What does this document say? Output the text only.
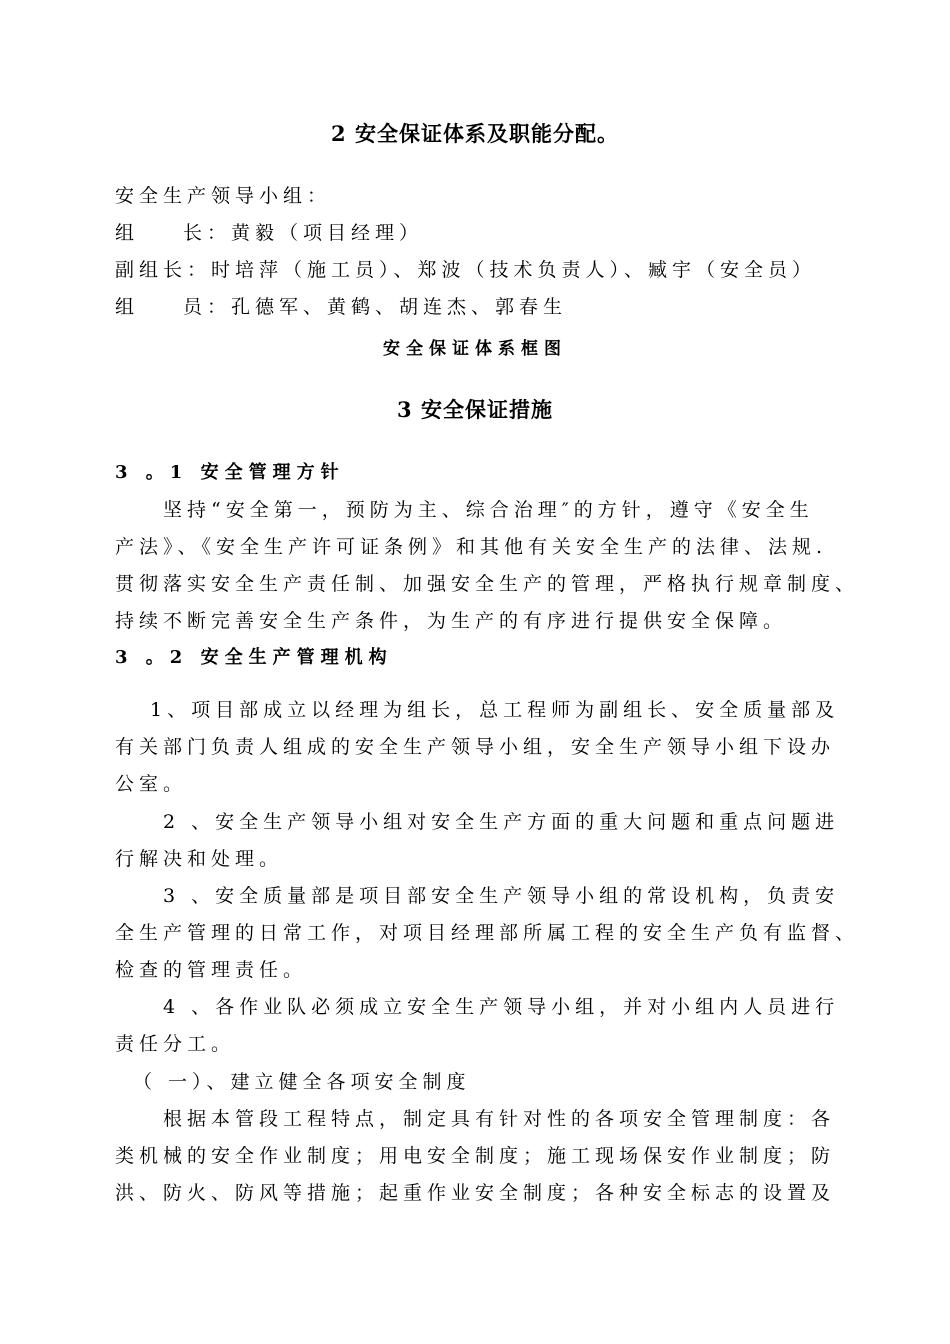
2 安全保证体系及职能分配。
安全生产领导小组：
组 长：黄毅（项目经理）
副组长：时培萍（施工员）、郑波（技术负责人）、臧宇（安全员）
组 员：孔德军、黄鹤、胡连杰、郭春生
安全保证体系框图
3 安全保证措施
3 。1 安全管理方针
坚持“安全第一，预防为主、综合治理″的方针，遵守《安全生
产法》、《安全生产许可证条例》和其他有关安全生产的法律、法规.
贯彻落实安全生产责任制、加强安全生产的管理，严格执行规章制度、
持续不断完善安全生产条件，为生产的有序进行提供安全保障。
3 。2 安全生产管理机构
1、项目部成立以经理为组长，总工程师为副组长、安全质量部及
有关部门负责人组成的安全生产领导小组，安全生产领导小组下设办
公室。
2 、安全生产领导小组对安全生产方面的重大问题和重点问题进
行解决和处理。
3 、安全质量部是项目部安全生产领导小组的常设机构，负责安
全生产管理的日常工作，对项目经理部所属工程的安全生产负有监督、
检查的管理责任。
4 、各作业队必须成立安全生产领导小组，并对小组内人员进行
责任分工。
（ 一）、建立健全各项安全制度
根据本管段工程特点，制定具有针对性的各项安全管理制度：各
类机械的安全作业制度；用电安全制度；施工现场保安作业制度；防
洪、防火、防风等措施；起重作业安全制度；各种安全标志的设置及
